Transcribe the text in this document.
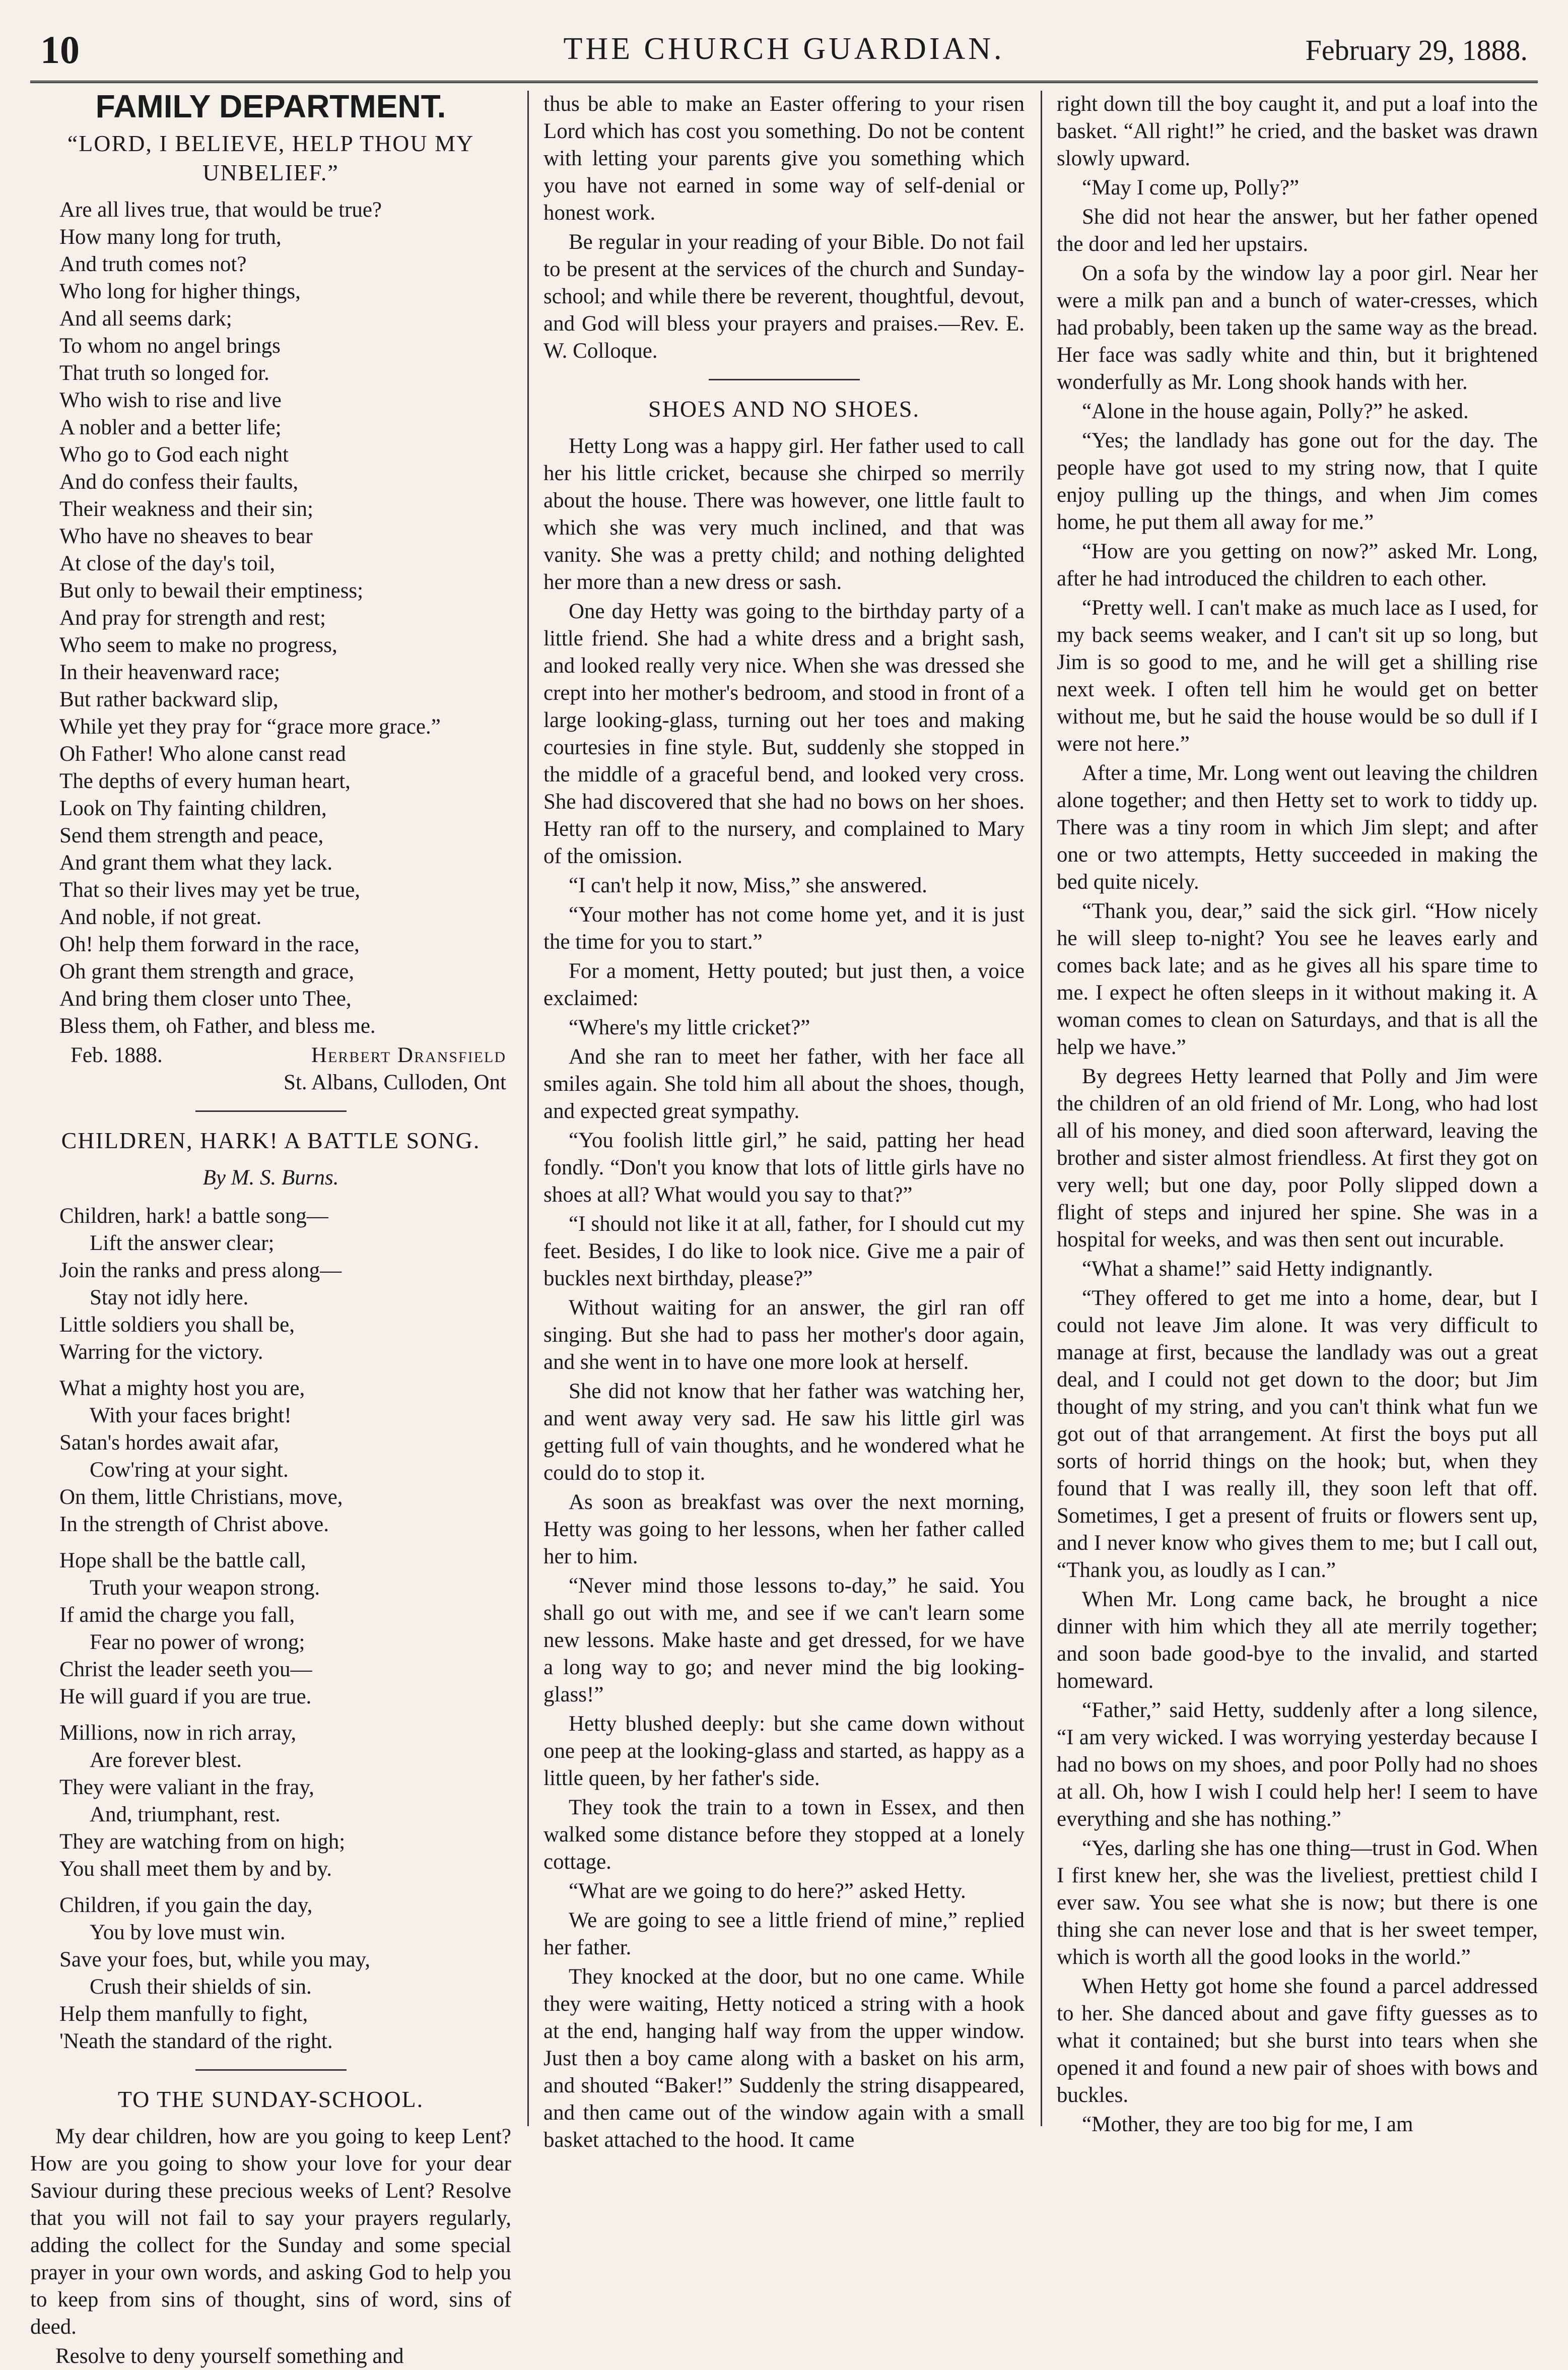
10	THE CHURCH GUARDIAN.	February 29, 1888.
FAMILY DEPARTMENT.
“LORD, I BELIEVE, HELP THOU MY UNBELIEF.”
Are all lives true, that would be true?
How many long for truth,
And truth comes not?
Who long for higher things,
And all seems dark;
To whom no angel brings
That truth so longed for.
Who wish to rise and live
A nobler and a better life;
Who go to God each night
And do confess their faults,
Their weakness and their sin;
Who have no sheaves to bear
At close of the day's toil,
But only to bewail their emptiness;
And pray for strength and rest;
Who seem to make no progress,
In their heavenward race;
But rather backward slip,
While yet they pray for “grace more grace.”
Oh Father! Who alone canst read
The depths of every human heart,
Look on Thy fainting children,
Send them strength and peace,
And grant them what they lack.
That so their lives may yet be true,
And noble, if not great.
Oh! help them forward in the race,
Oh grant them strength and grace,
And bring them closer unto Thee,
Bless them, oh Father, and bless me.
Feb. 1888.	Herbert Dransfield
St. Albans, Culloden, Ont
CHILDREN, HARK! A BATTLE SONG.
By M. S. Burns.
Children, hark! a battle song—
Lift the answer clear;
Join the ranks and press along—
Stay not idly here.
Little soldiers you shall be,
Warring for the victory.
What a mighty host you are,
With your faces bright!
Satan's hordes await afar,
Cow'ring at your sight.
On them, little Christians, move,
In the strength of Christ above.
Hope shall be the battle call,
Truth your weapon strong.
If amid the charge you fall,
Fear no power of wrong;
Christ the leader seeth you—
He will guard if you are true.
Millions, now in rich array,
Are forever blest.
They were valiant in the fray,
And, triumphant, rest.
They are watching from on high;
You shall meet them by and by.
Children, if you gain the day,
You by love must win.
Save your foes, but, while you may,
Crush their shields of sin.
Help them manfully to fight,
'Neath the standard of the right.
TO THE SUNDAY-SCHOOL.

My dear children, how are you going to keep Lent? How are you going to show your love for your dear Saviour during these precious weeks of Lent? Resolve that you will not fail to say your prayers regularly, adding the collect for the Sunday and some special prayer in your own words, and asking God to help you to keep from sins of thought, sins of word, sins of deed.

Resolve to deny yourself something and

thus be able to make an Easter offering to your risen Lord which has cost you something. Do not be content with letting your parents give you something which you have not earned in some way of self-denial or honest work.

Be regular in your reading of your Bible. Do not fail to be present at the services of the church and Sunday-school; and while there be reverent, thoughtful, devout, and God will bless your prayers and praises.—Rev. E. W. Colloque.

SHOES AND NO SHOES.

Hetty Long was a happy girl. Her father used to call her his little cricket, because she chirped so merrily about the house. There was however, one little fault to which she was very much inclined, and that was vanity. She was a pretty child; and nothing delighted her more than a new dress or sash.

One day Hetty was going to the birthday party of a little friend. She had a white dress and a bright sash, and looked really very nice. When she was dressed she crept into her mother's bedroom, and stood in front of a large looking-glass, turning out her toes and making courtesies in fine style. But, suddenly she stopped in the middle of a graceful bend, and looked very cross. She had discovered that she had no bows on her shoes. Hetty ran off to the nursery, and complained to Mary of the omission.

“I can't help it now, Miss,” she answered.

“Your mother has not come home yet, and it is just the time for you to start.”

For a moment, Hetty pouted; but just then, a voice exclaimed:

“Where's my little cricket?”

And she ran to meet her father, with her face all smiles again. She told him all about the shoes, though, and expected great sympathy.

“You foolish little girl,” he said, patting her head fondly. “Don't you know that lots of little girls have no shoes at all? What would you say to that?”

“I should not like it at all, father, for I should cut my feet. Besides, I do like to look nice. Give me a pair of buckles next birthday, please?”

Without waiting for an answer, the girl ran off singing. But she had to pass her mother's door again, and she went in to have one more look at herself.

She did not know that her father was watching her, and went away very sad. He saw his little girl was getting full of vain thoughts, and he wondered what he could do to stop it.

As soon as breakfast was over the next morning, Hetty was going to her lessons, when her father called her to him.

“Never mind those lessons to-day,” he said. You shall go out with me, and see if we can't learn some new lessons. Make haste and get dressed, for we have a long way to go; and never mind the big looking-glass!”

Hetty blushed deeply: but she came down without one peep at the looking-glass and started, as happy as a little queen, by her father's side.

They took the train to a town in Essex, and then walked some distance before they stopped at a lonely cottage.

“What are we going to do here?” asked Hetty.

We are going to see a little friend of mine,” replied her father.

They knocked at the door, but no one came. While they were waiting, Hetty noticed a string with a hook at the end, hanging half way from the upper window. Just then a boy came along with a basket on his arm, and shouted “Baker!” Suddenly the string disappeared, and then came out of the window again with a small basket attached to the hood. It came

right down till the boy caught it, and put a loaf into the basket. “All right!” he cried, and the basket was drawn slowly upward.

“May I come up, Polly?”

She did not hear the answer, but her father opened the door and led her upstairs.

On a sofa by the window lay a poor girl. Near her were a milk pan and a bunch of water-cresses, which had probably, been taken up the same way as the bread. Her face was sadly white and thin, but it brightened wonderfully as Mr. Long shook hands with her.

“Alone in the house again, Polly?” he asked.

“Yes; the landlady has gone out for the day. The people have got used to my string now, that I quite enjoy pulling up the things, and when Jim comes home, he put them all away for me.”

“How are you getting on now?” asked Mr. Long, after he had introduced the children to each other.

“Pretty well. I can't make as much lace as I used, for my back seems weaker, and I can't sit up so long, but Jim is so good to me, and he will get a shilling rise next week. I often tell him he would get on better without me, but he said the house would be so dull if I were not here.”

After a time, Mr. Long went out leaving the children alone together; and then Hetty set to work to tiddy up. There was a tiny room in which Jim slept; and after one or two attempts, Hetty succeeded in making the bed quite nicely.

“Thank you, dear,” said the sick girl. “How nicely he will sleep to-night? You see he leaves early and comes back late; and as he gives all his spare time to me. I expect he often sleeps in it without making it. A woman comes to clean on Saturdays, and that is all the help we have.”

By degrees Hetty learned that Polly and Jim were the children of an old friend of Mr. Long, who had lost all of his money, and died soon afterward, leaving the brother and sister almost friendless. At first they got on very well; but one day, poor Polly slipped down a flight of steps and injured her spine. She was in a hospital for weeks, and was then sent out incurable.

“What a shame!” said Hetty indignantly.

“They offered to get me into a home, dear, but I could not leave Jim alone. It was very difficult to manage at first, because the landlady was out a great deal, and I could not get down to the door; but Jim thought of my string, and you can't think what fun we got out of that arrangement. At first the boys put all sorts of horrid things on the hook; but, when they found that I was really ill, they soon left that off. Sometimes, I get a present of fruits or flowers sent up, and I never know who gives them to me; but I call out, “Thank you, as loudly as I can.”

When Mr. Long came back, he brought a nice dinner with him which they all ate merrily together; and soon bade good-bye to the invalid, and started homeward.

“Father,” said Hetty, suddenly after a long silence, “I am very wicked. I was worrying yesterday because I had no bows on my shoes, and poor Polly had no shoes at all. Oh, how I wish I could help her! I seem to have everything and she has nothing.”

“Yes, darling she has one thing—trust in God. When I first knew her, she was the liveliest, prettiest child I ever saw. You see what she is now; but there is one thing she can never lose and that is her sweet temper, which is worth all the good looks in the world.”

When Hetty got home she found a parcel addressed to her. She danced about and gave fifty guesses as to what it contained; but she burst into tears when she opened it and found a new pair of shoes with bows and buckles.

“Mother, they are too big for me, I am
